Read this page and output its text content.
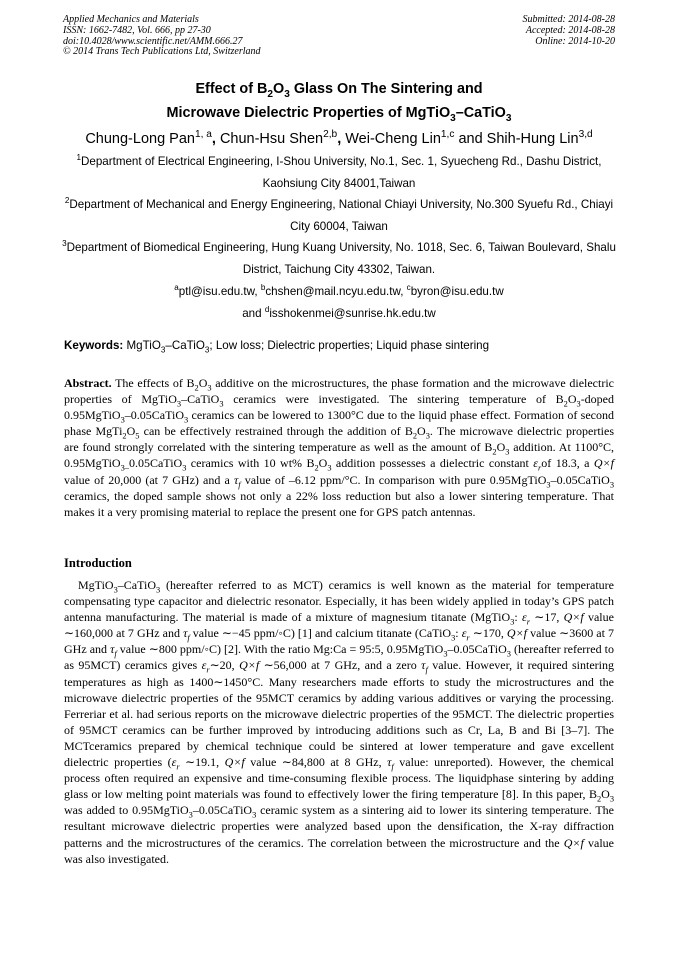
Applied Mechanics and Materials
ISSN: 1662-7482, Vol. 666, pp 27-30
doi:10.4028/www.scientific.net/AMM.666.27
© 2014 Trans Tech Publications Ltd, Switzerland
Submitted: 2014-08-28
Accepted: 2014-08-28
Online: 2014-10-20
Effect of $B_2O_3$ Glass On The Sintering and
Microwave Dielectric Properties of MgTiO$_3$–CaTiO$_3$
Chung-Long Pan$^{1, a}$, Chun-Hsu Shen$^{2,b}$, Wei-Cheng Lin$^{1,c}$ and Shih-Hung Lin$^{3,d}$
$^1$Department of Electrical Engineering, I-Shou University, No.1, Sec. 1, Syuecheng Rd., Dashu District, Kaohsiung City 84001,Taiwan
$^2$Department of Mechanical and Energy Engineering, National Chiayi University, No.300 Syuefu Rd., Chiayi City 60004, Taiwan
$^3$Department of Biomedical Engineering, Hung Kuang University, No. 1018, Sec. 6, Taiwan Boulevard, Shalu District, Taichung City 43302, Taiwan.
$^a$ptl@isu.edu.tw, $^b$chshen@mail.ncyu.edu.tw, $^c$byron@isu.edu.tw
and $^d$isshokenmei@sunrise.hk.edu.tw
Keywords: MgTiO$_3$–CaTiO$_3$; Low loss; Dielectric properties; Liquid phase sintering
Abstract. The effects of $B_2O_3$ additive on the microstructures, the phase formation and the microwave dielectric properties of MgTiO$_3$–CaTiO$_3$ ceramics were investigated. The sintering temperature of $B_2O_3$-doped 0.95MgTiO$_3$–0.05CaTiO$_3$ ceramics can be lowered to 1300°C due to the liquid phase effect. Formation of second phase $MgTi_2O_5$ can be effectively restrained through the addition of $B_2O_3$. The microwave dielectric properties are found strongly correlated with the sintering temperature as well as the amount of $B_2O_3$ addition. At 1100°C, 0.95MgTiO$_{3-}$0.05CaTiO$_3$ ceramics with 10 wt% $B_2O_3$ addition possesses a dielectric constant $\varepsilon_rof$ 18.3, a Q×f value of 20,000 (at 7 GHz) and a $\tau_f$ value of –6.12 ppm/°C. In comparison with pure 0.95MgTiO$_3$–0.05CaTiO$_3$ ceramics, the doped sample shows not only a 22% loss reduction but also a lower sintering temperature. That makes it a very promising material to replace the present one for GPS patch antennas.
Introduction
MgTiO$_3$–CaTiO$_3$ (hereafter referred to as MCT) ceramics is well known as the material for temperature compensating type capacitor and dielectric resonator. Especially, it has been widely applied in today’s GPS patch antenna manufacturing. The material is made of a mixture of magnesium titanate (MgTiO$_3$: $\varepsilon_r$ ∼17, Q×f value ∼160,000 at 7 GHz and $\tau_f$ value ∼−45 ppm/◦C) [1] and calcium titanate (CaTiO$_3$: $\varepsilon_r$ ∼170, Q×f value ∼3600 at 7 GHz and $\tau_f$ value ∼800 ppm/◦C) [2]. With the ratio Mg:Ca = 95:5, 0.95MgTiO$_3$–0.05CaTiO$_3$ (hereafter referred to as 95MCT) ceramics gives $\varepsilon_r\sim 20$, Q×f ∼56,000 at 7 GHz, and a zero $\tau_f$ value. However, it required sintering temperatures as high as 1400∼1450°C. Many researchers made efforts to study the microstructures and the microwave dielectric properties of the 95MCT ceramics by adding various additives or varying the processing. Ferreriar et al. had serious reports on the microwave dielectric properties of the 95MCT. The dielectric properties of 95MCT ceramics can be further improved by introducing additions such as Cr, La, B and Bi [3–7]. The MCTceramics prepared by chemical technique could be sintered at lower temperature and gave excellent dielectric properties ($\varepsilon_r$ ∼19.1, Q×f value ∼84,800 at 8 GHz, $\tau_f$ value: unreported). However, the chemical process often required an expensive and time-consuming flexible process. The liquidphase sintering by adding glass or low melting point materials was found to effectively lower the firing temperature [8]. In this paper, $B_2O_3$ was added to 0.95MgTiO$_3$–0.05CaTiO$_3$ ceramic system as a sintering aid to lower its sintering temperature. The resultant microwave dielectric properties were analyzed based upon the densification, the X-ray diffraction patterns and the microstructures of the ceramics. The correlation between the microstructure and the Q×f value was also investigated.
